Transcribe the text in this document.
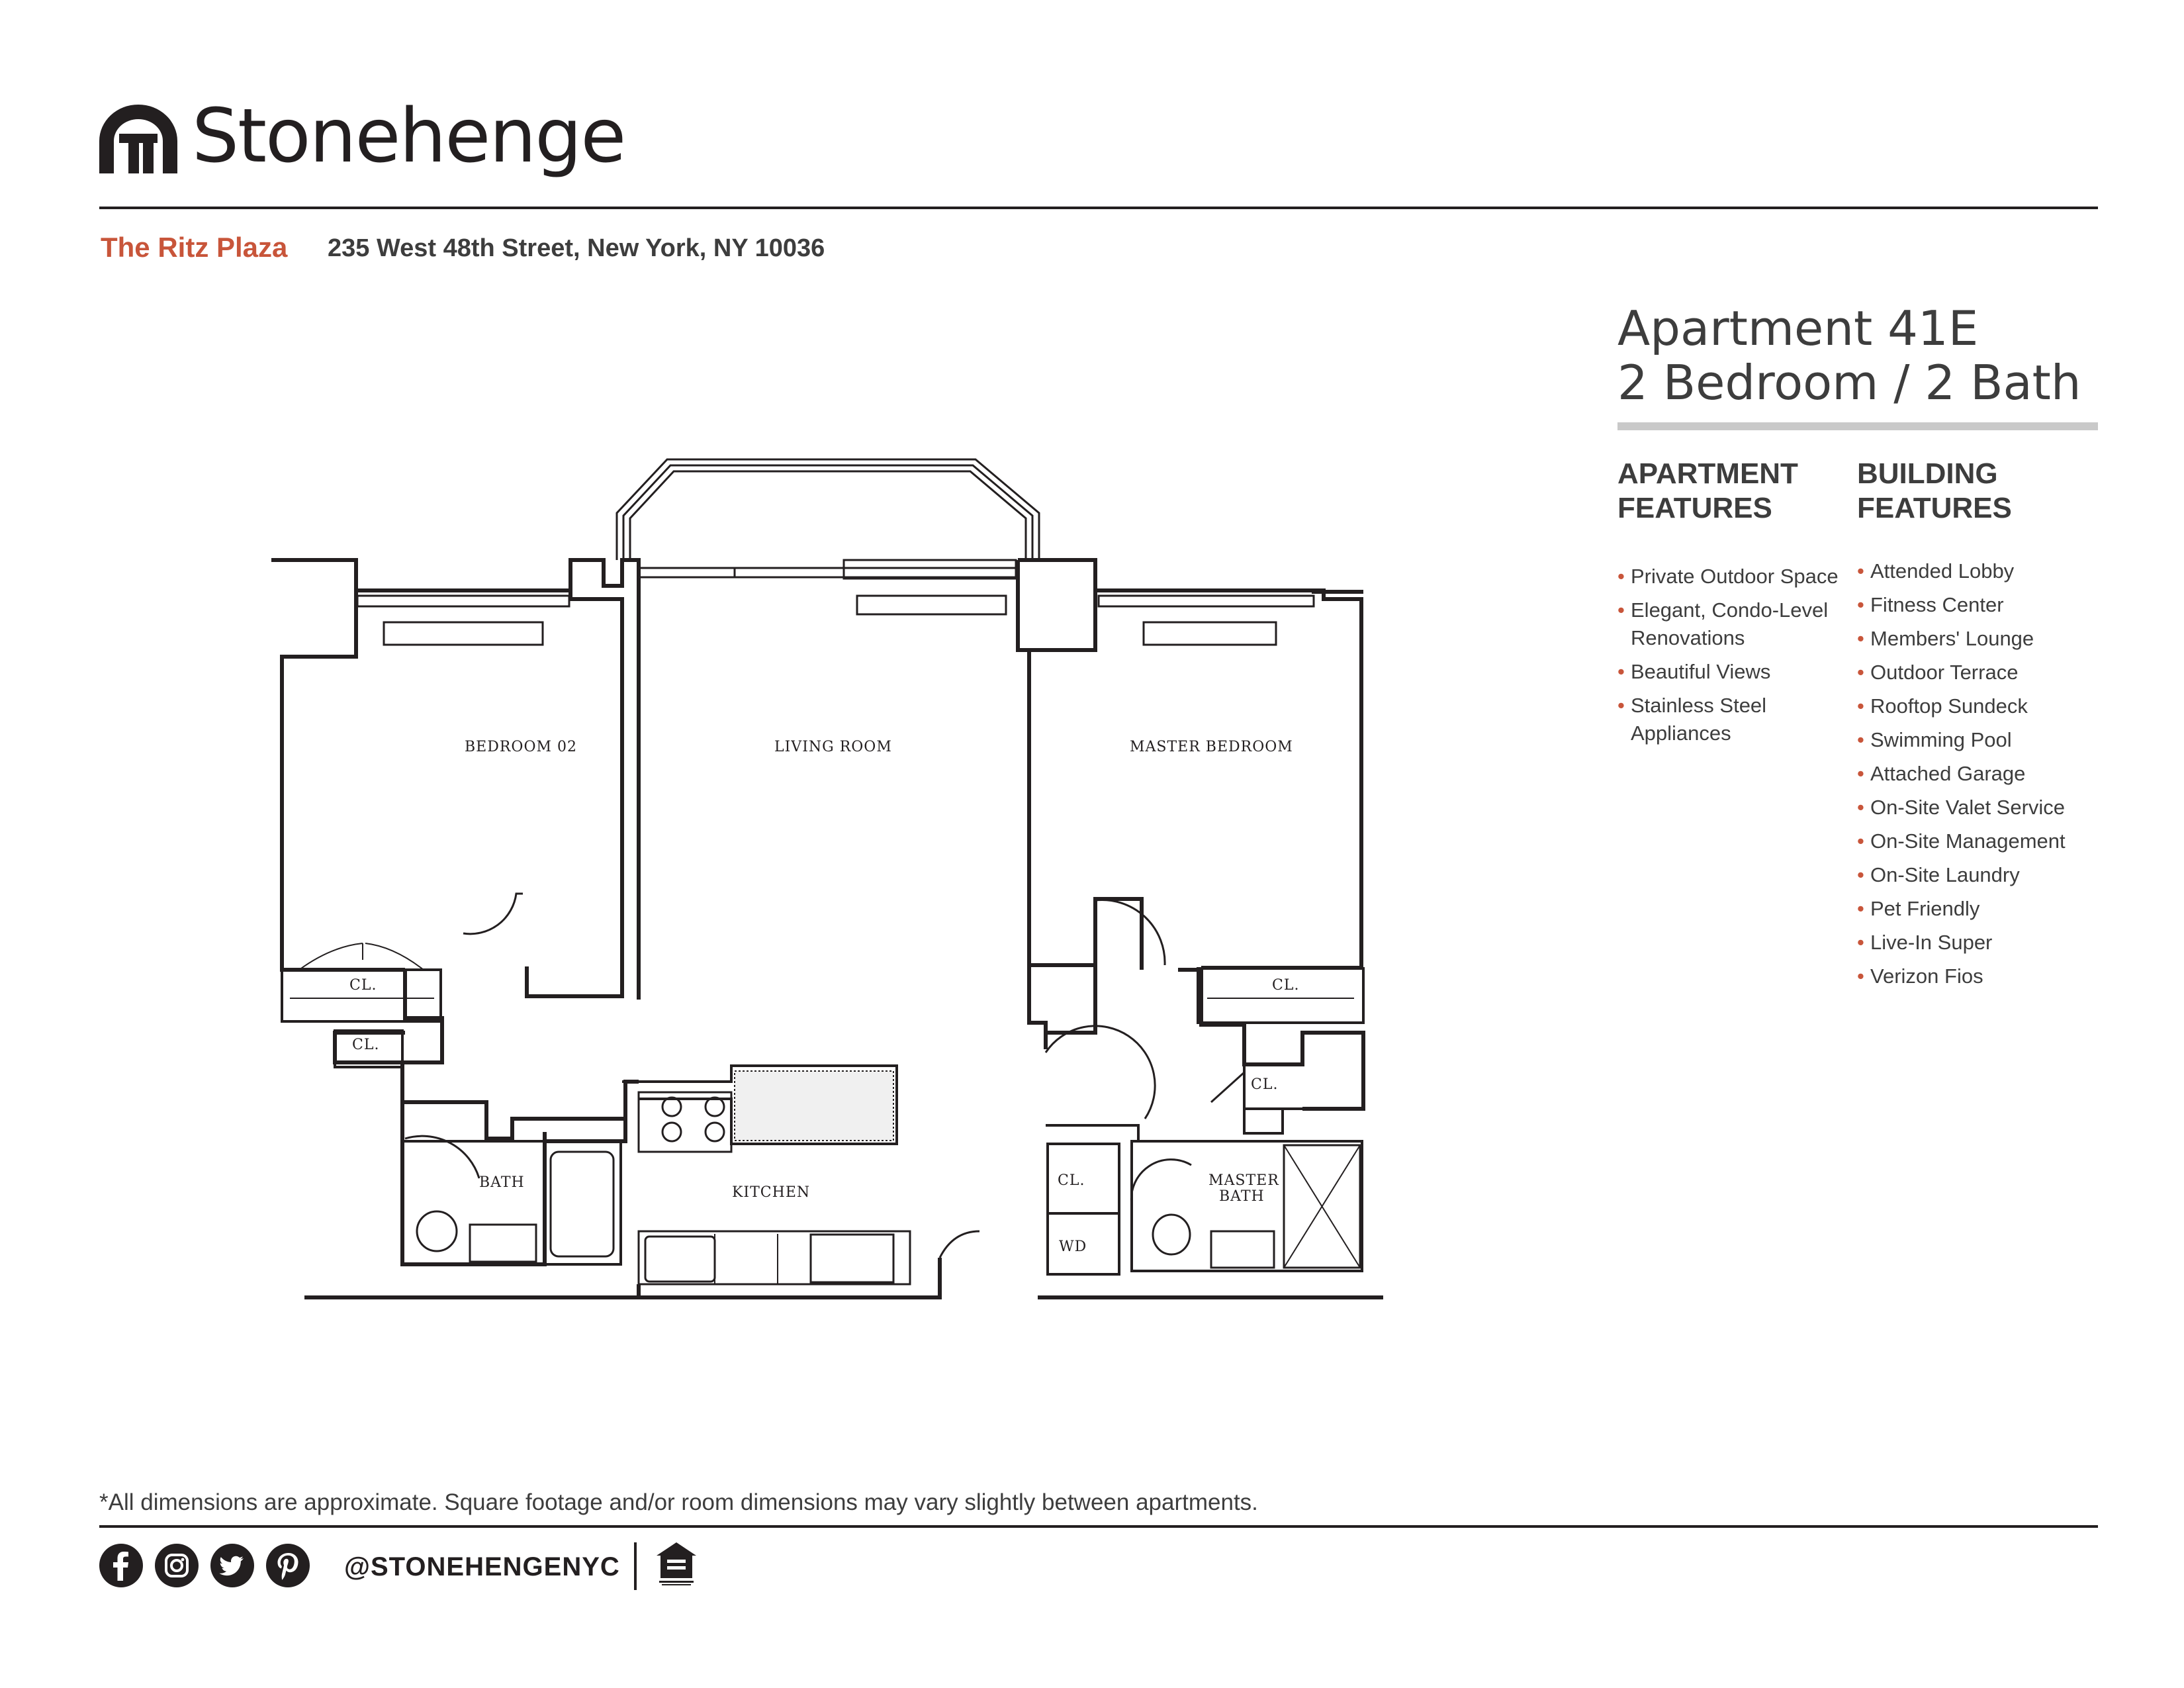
Stonehenge
The Ritz Plaza 235 West 48th Street, New York, NY 10036
Apartment 41E
2 Bedroom / 2 Bath
APARTMENT
FEATURES
BUILDING
FEATURES
• Private Outdoor Space
• Elegant, Condo-Level Renovations
• Beautiful Views
• Stainless Steel Appliances
• Attended Lobby
• Fitness Center
• Members' Lounge
• Outdoor Terrace
• Rooftop Sundeck
• Swimming Pool
• Attached Garage
• On-Site Valet Service
• On-Site Management
• On-Site Laundry
• Pet Friendly
• Live-In Super
• Verizon Fios
BEDROOM 02	LIVING ROOM	MASTER BEDROOM
KITCHEN
BATH	MASTER
BATH
CL.
CL.
CL.
CL.
CL.
WD
*All dimensions are approximate. Square footage and/or room dimensions may vary slightly between apartments.
@STONEHENGENYC
